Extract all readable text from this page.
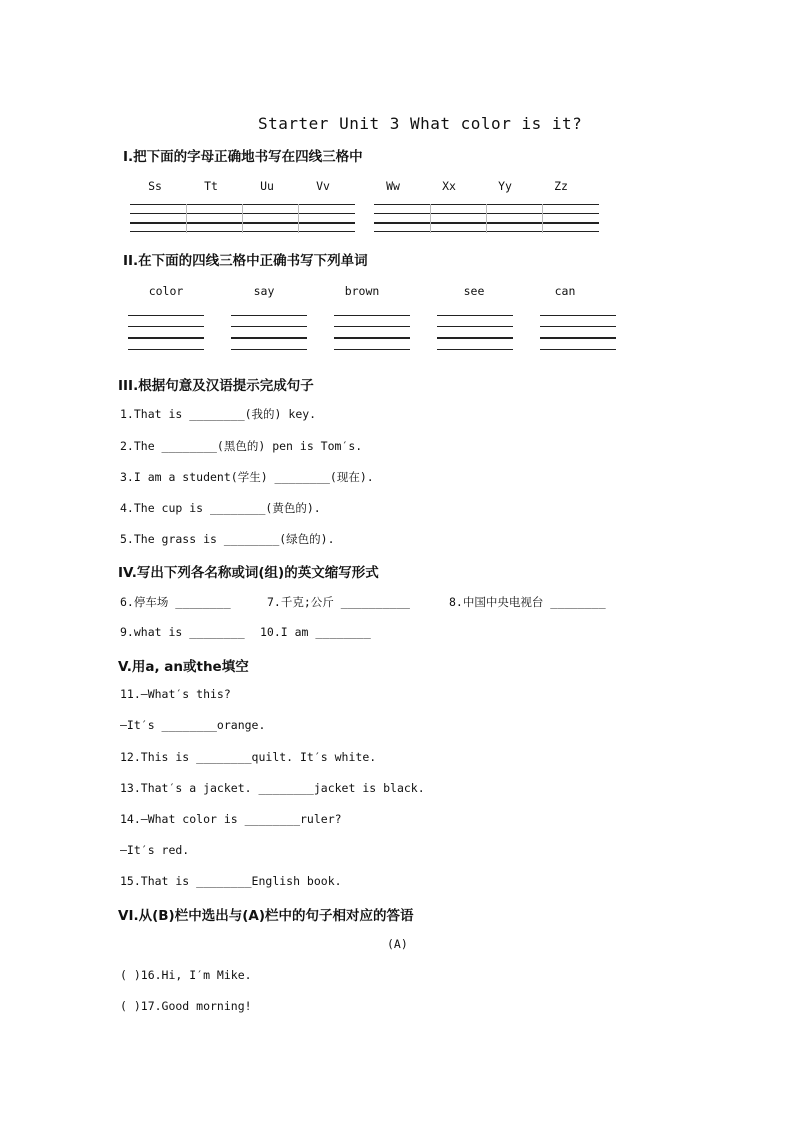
Starter Unit 3 What color is it?
I.把下面的字母正确地书写在四线三格中
Ss	Tt	Uu	Vv	Ww	Xx	Yy	Zz
II.在下面的四线三格中正确书写下列单词
color	say	brown	see	can
III.根据句意及汉语提示完成句子
1.That is ________(我的) key.
2.The ________(黑色的) pen is Tom′s.
3.I am a student(学生) ________(现在).
4.The cup is ________(黄色的).
5.The grass is ________(绿色的).
IV.写出下列各名称或词(组)的英文缩写形式
6.停车场 ________	7.千克;公斤 __________	8.中国中央电视台 ________
9.what is ________ 10.I am ________
V.用a, an或the填空
11.—What′s this?
—It′s ________orange.
12.This is ________quilt. It′s white.
13.That′s a jacket. ________jacket is black.
14.—What color is ________ruler?
—It′s red.
15.That is ________English book.
VI.从(B)栏中选出与(A)栏中的句子相对应的答语
(A)
( )16.Hi, I′m Mike.
( )17.Good morning!
